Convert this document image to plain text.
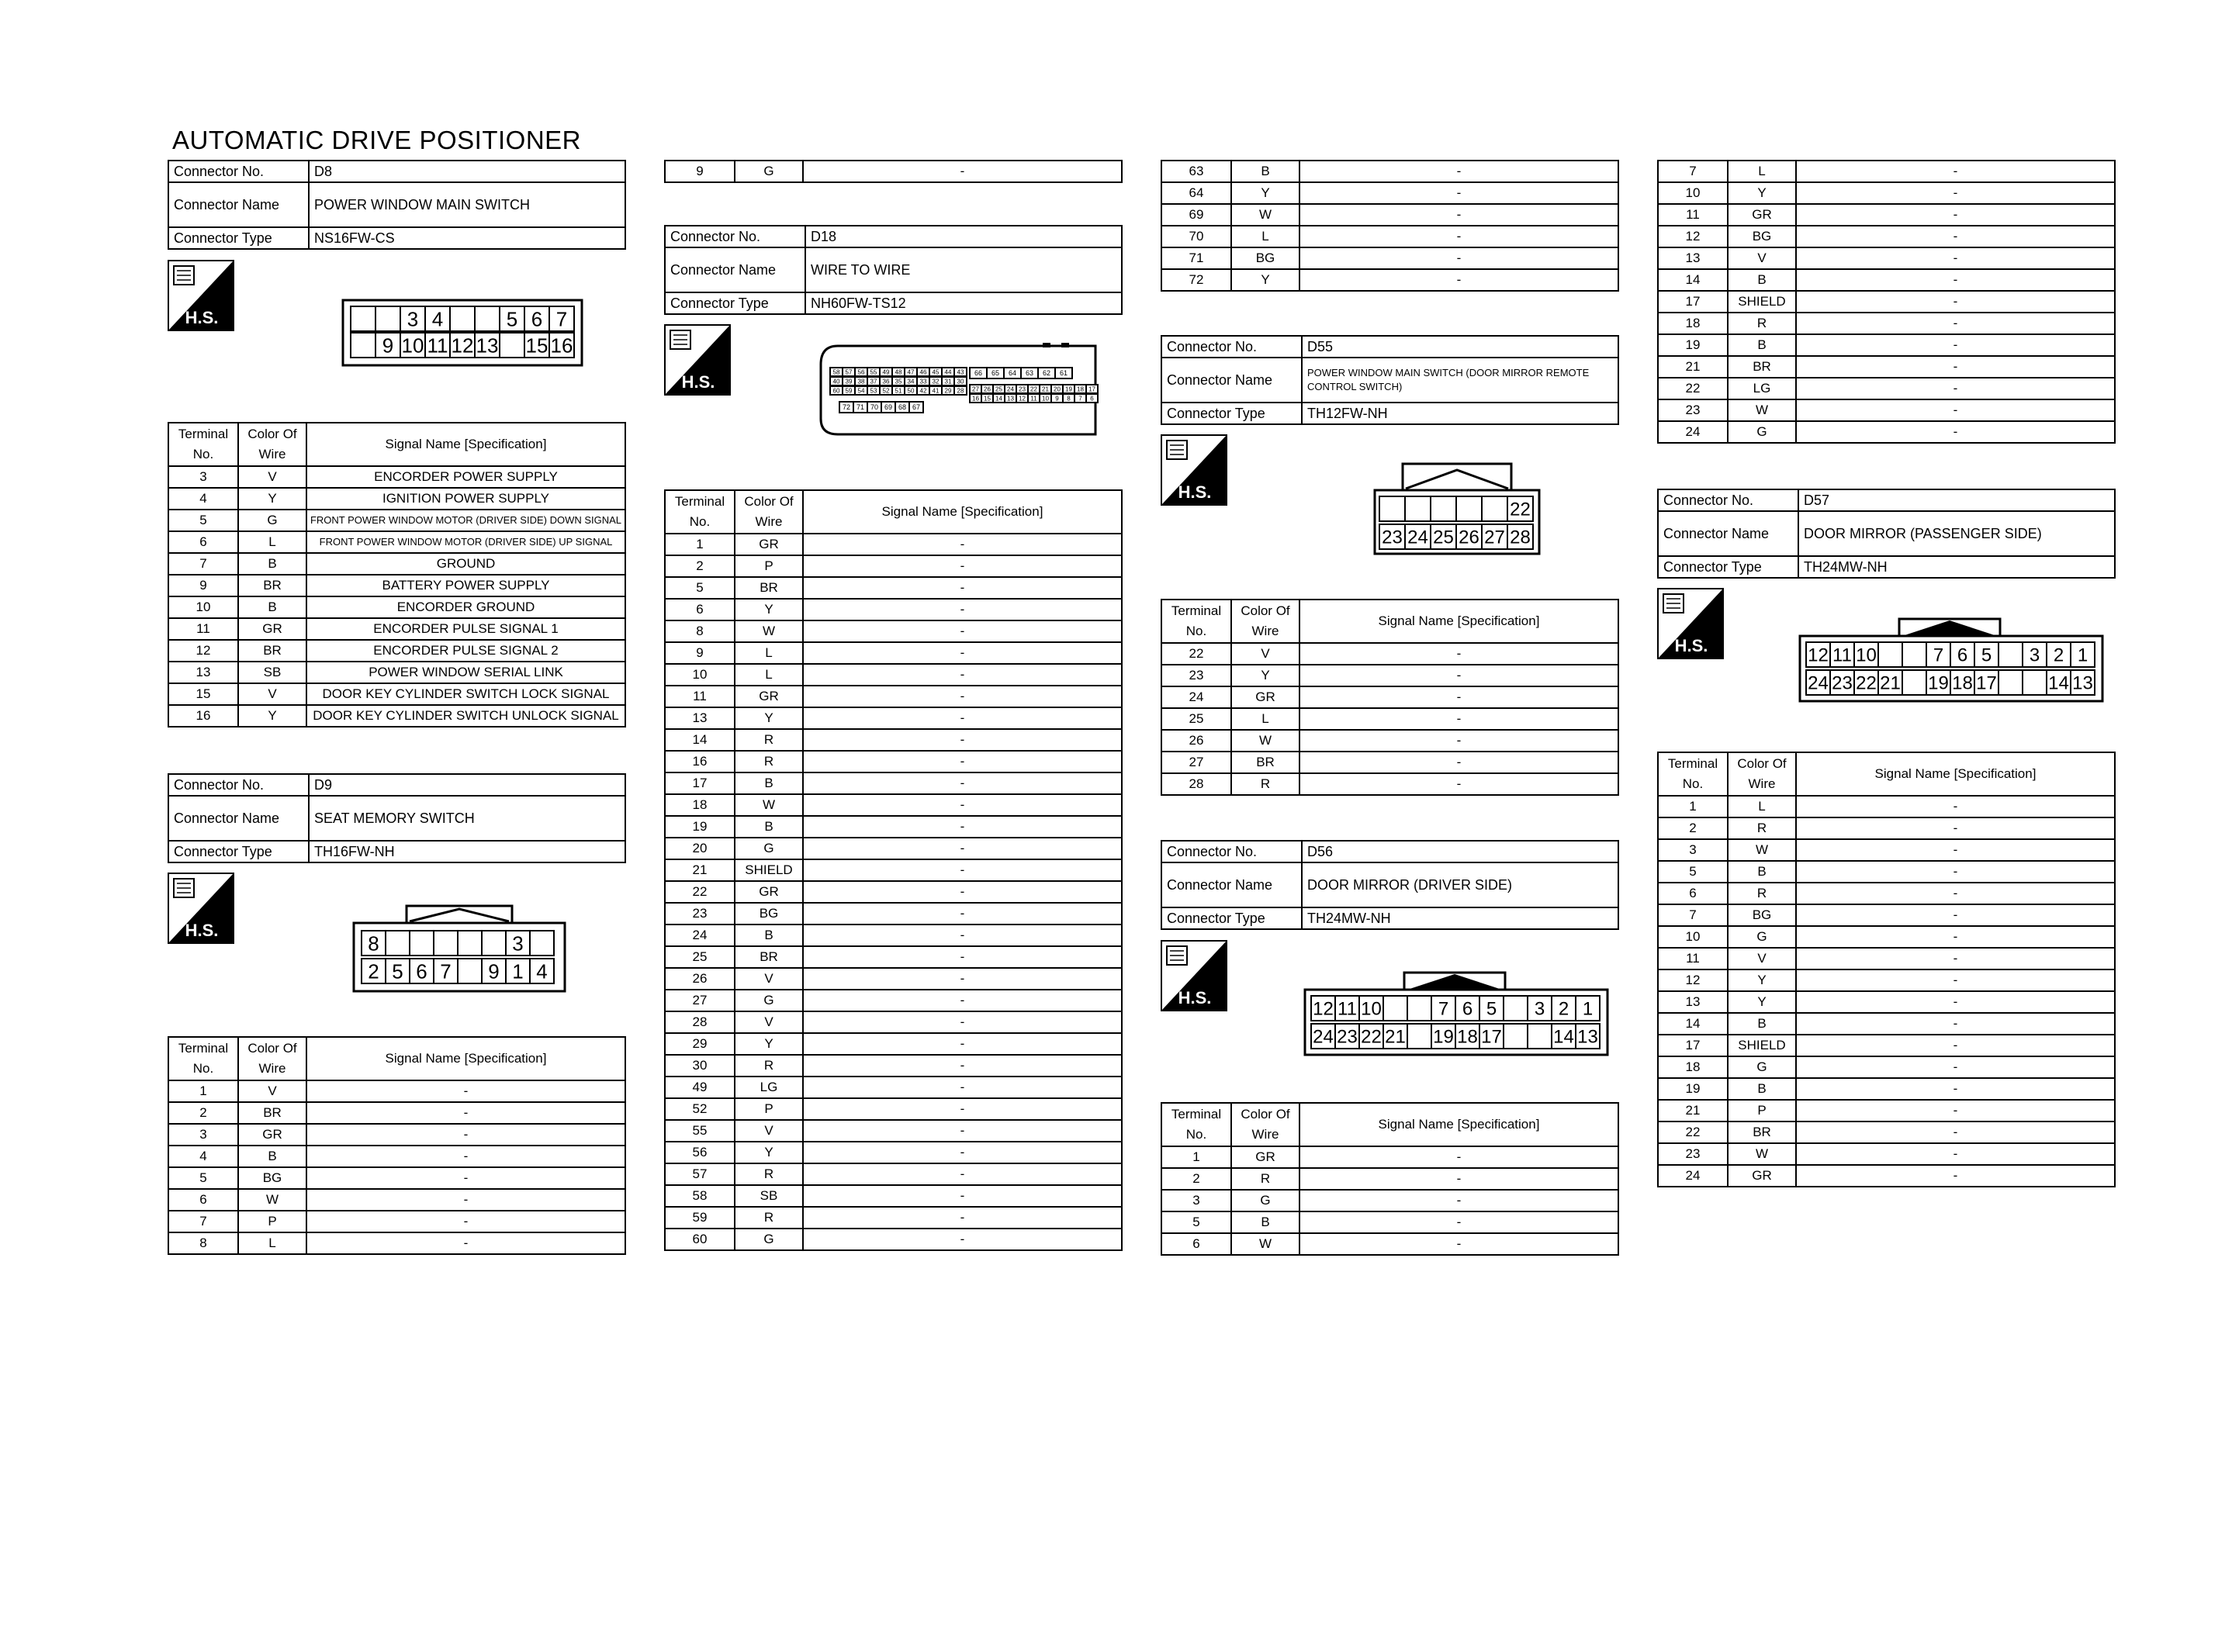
AUTOMATIC DRIVE POSITIONER
Connector No.	D8
Connector Name	POWER WINDOW MAIN SWITCH
Connector Type	NS16FW-CS
H.S.	3 4	5 6 7
9 10 11 12 13 15 16
Terminal No.	Color Of Wire	Signal Name [Specification]
3	V	ENCORDER POWER SUPPLY
4	Y	IGNITION POWER SUPPLY
5	G	FRONT POWER WINDOW MOTOR (DRIVER SIDE) DOWN SIGNAL
6	L	FRONT POWER WINDOW MOTOR (DRIVER SIDE) UP SIGNAL
7	B	GROUND
9	BR	BATTERY POWER SUPPLY
10	B	ENCORDER GROUND
11	GR	ENCORDER PULSE SIGNAL 1
12	BR	ENCORDER PULSE SIGNAL 2
13	SB	POWER WINDOW SERIAL LINK
15	V	DOOR KEY CYLINDER SWITCH LOCK SIGNAL
16	Y	DOOR KEY CYLINDER SWITCH UNLOCK SIGNAL
Connector No.	D9
Connector Name	SEAT MEMORY SWITCH
Connector Type	TH16FW-NH
H.S.
8	3
2 5 6 7 9 1 4
Terminal No.	Color Of Wire	Signal Name [Specification]
1	V	-
2	BR	-
3	GR	-
4	B	-
5	BG	-
6	W	-
7	P	-
8	L	-
9	G	-
Connector No.	D18
Connector Name	WIRE TO WIRE
Connector Type	NH60FW-TS12
H.S.
58 57 56 55 49 48 47 46 45 44 43
40 39 38 37 36 35 34 33 32 31 30
60 59 54 53 52 51 50 42 41 29 28
72 71 70 69 68 67
66 65 64 63 62 61
27 26 25 24 23 22 21 20 19 18 17
16 15 14 13 12 11 10 9 8 7 6
Terminal No.	Color Of Wire	Signal Name [Specification]
1	GR	-
2	P	-
5	BR	-
6	Y	-
8	W	-
9	L	-
10	L	-
11	GR	-
13	Y	-
14	R	-
16	R	-
17	B	-
18	W	-
19	B	-
20	G	-
21	SHIELD	-
22	GR	-
23	BG	-
24	B	-
25	BR	-
26	V	-
27	G	-
28	V	-
29	Y	-
30	R	-
49	LG	-
52	P	-
55	V	-
56	Y	-
57	R	-
58	SB	-
59	R	-
60	G	-
63	B	-
64	Y	-
69	W	-
70	L	-
71	BG	-
72	Y	-
Connector No.	D55
Connector Name	POWER WINDOW MAIN SWITCH (DOOR MIRROR REMOTE CONTROL SWITCH)
Connector Type	TH12FW-NH
H.S.
22
23 24 25 26 27 28
Terminal No.	Color Of Wire	Signal Name [Specification]
22	V	-
23	Y	-
24	GR	-
25	L	-
26	W	-
27	BR	-
28	R	-
Connector No.	D56
Connector Name	DOOR MIRROR (DRIVER SIDE)
Connector Type	TH24MW-NH
H.S.
12 11 10	7 6 5 3 2 1
24 23 22 21 19 18 17	14 13
Terminal No.	Color Of Wire	Signal Name [Specification]
1	GR	-
2	R	-
3	G	-
5	B	-
6	W	-
7	L	-
10	Y	-
11	GR	-
12	BG	-
13	V	-
14	B	-
17	SHIELD	-
18	R	-
19	B	-
21	BR	-
22	LG	-
23	W	-
24	G	-
Connector No.	D57
Connector Name	DOOR MIRROR (PASSENGER SIDE)
Connector Type	TH24MW-NH
H.S.	12 11 10	7 6 5 3 2 1
24 23 22 21 19 18 17	14 13
Terminal No.	Color Of Wire	Signal Name [Specification]
1	L	-
2	R	-
3	W	-
5	B	-
6	R	-
7	BG	-
10	G	-
11	V	-
12	Y	-
13	Y	-
14	B	-
17	SHIELD	-
18	G	-
19	B	-
21	P	-
22	BR	-
23	W	-
24	GR	-
